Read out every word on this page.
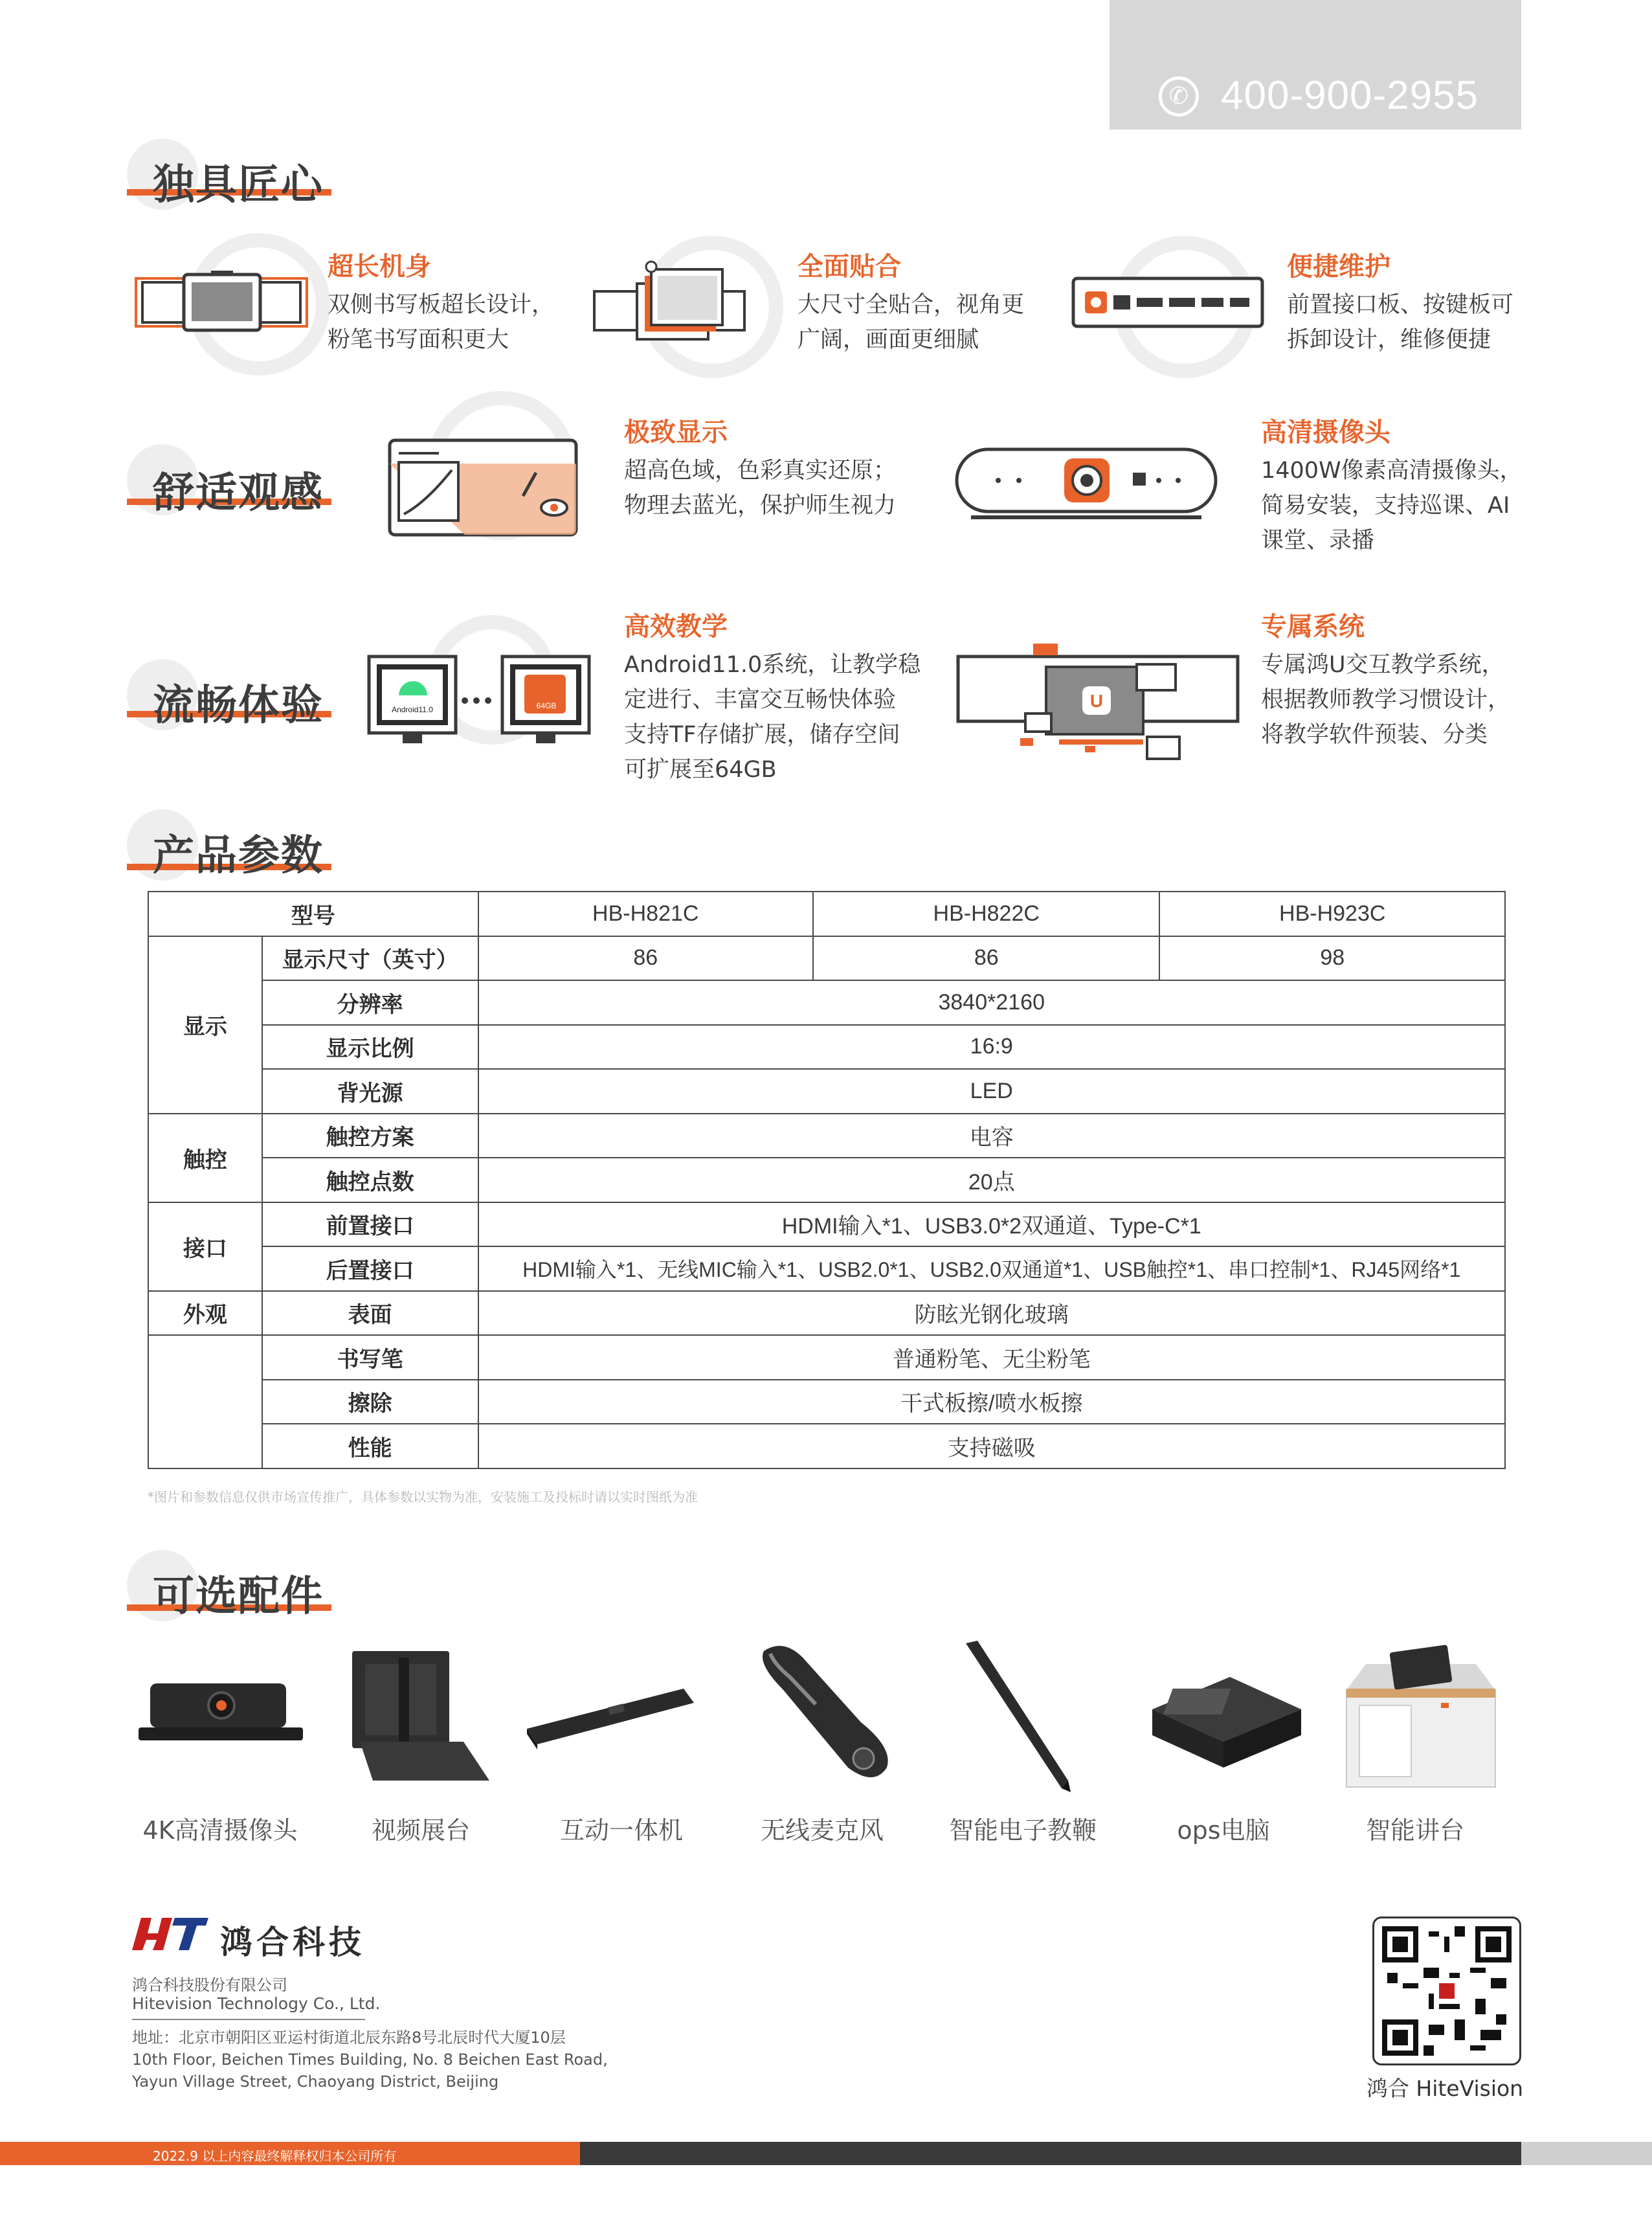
✆ 400-900-2955
独具匠心
超长机身
双侧书写板超长设计，
粉笔书写面积更大
全面贴合
大尺寸全贴合，视角更
广阔，画面更细腻
便捷维护
前置接口板、按键板可
拆卸设计，维修便捷
舒适观感
极致显示
超高色域，色彩真实还原；
物理去蓝光，保护师生视力
高清摄像头
1400W像素高清摄像头，
简易安装，支持巡课、AI
课堂、录播
流畅体验	Android11.0	64GB
高效教学
Android11.0系统，让教学稳
定进行、丰富交互畅快体验
支持TF存储扩展，储存空间
可扩展至64GB
U
专属系统
专属鸿U交互教学系统，
根据教师教学习惯设计，
将教学软件预装、分类
产品参数
型号		HB-H821C	HB-H822C	HB-H923C
显示	显示尺寸（英寸）	86	86	98
	分辨率	3840*2160		
	显示比例	16:9		
	背光源	LED		
触控	触控方案	电容		
	触控点数	20点		
接口	前置接口	HDMI输入*1、USB3.0*2双通道、Type-C*1		
	后置接口	HDMI输入*1、无线MIC输入*1、USB2.0*1、USB2.0双通道*1、USB触控*1、串口控制*1、RJ45网络*1		
外观	表面	防眩光钢化玻璃		
	书写笔	普通粉笔、无尘粉笔		
	擦除	干式板擦/喷水板擦		
	性能	支持磁吸		
*图片和参数信息仅供市场宣传推广，具体参数以实物为准，安装施工及投标时请以实时图纸为准
可选配件
4K高清摄像头	视频展台	互动一体机	无线麦克风	智能电子教鞭	ops电脑	智能讲台
鸿合科技
鸿合科技股份有限公司
Hitevision Technology Co., Ltd.
地址：北京市朝阳区亚运村街道北辰东路8号北辰时代大厦10层
10th Floor, Beichen Times Building, No. 8 Beichen East Road,
Yayun Village Street, Chaoyang District, Beijing	鸿合 HiteVision
2022.9 以上内容最终解释权归本公司所有
